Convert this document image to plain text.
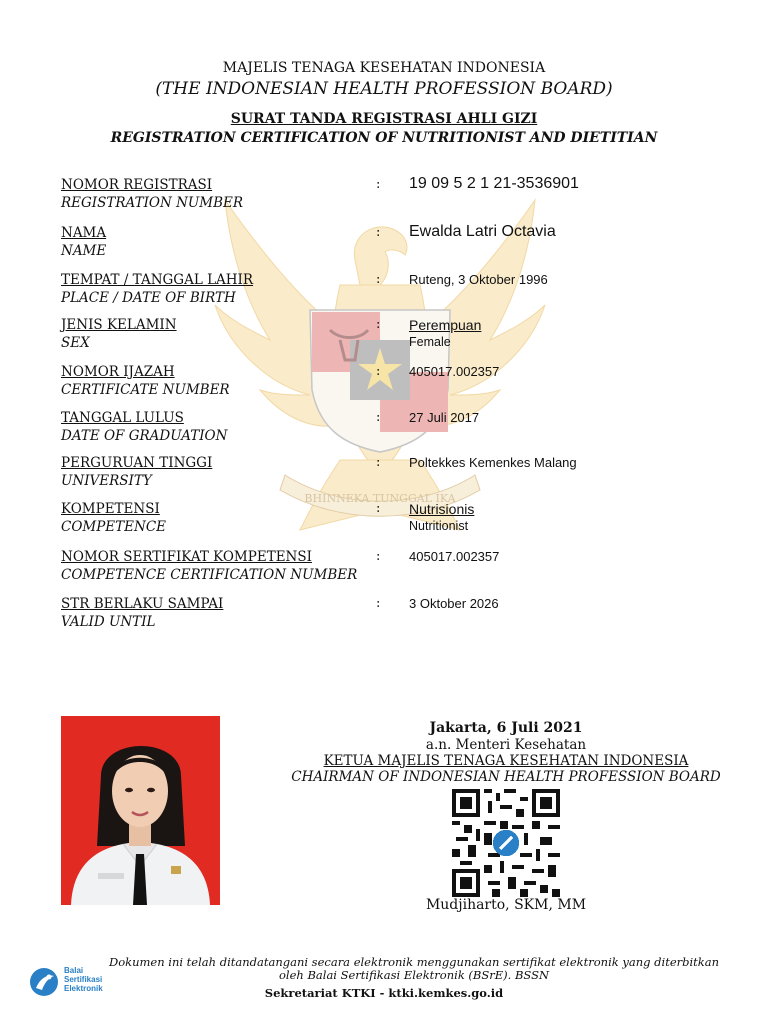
BHINNEKA TUNGGAL IKA
MAJELIS TENAGA KESEHATAN INDONESIA
(THE INDONESIAN HEALTH PROFESSION BOARD)
SURAT TANDA REGISTRASI AHLI GIZI
REGISTRATION CERTIFICATION OF NUTRITIONIST AND DIETITIAN
NOMOR REGISTRASI
REGISTRATION NUMBER
: 19 09 5 2 1 21-3536901
NAMA
NAME
: Ewalda Latri Octavia
TEMPAT / TANGGAL LAHIR
PLACE / DATE OF BIRTH
: Ruteng, 3 Oktober 1996
JENIS KELAMIN
SEX
: Perempuan
Female
NOMOR IJAZAH
CERTIFICATE NUMBER
: 405017.002357
TANGGAL LULUS
DATE OF GRADUATION
: 27 Juli 2017
PERGURUAN TINGGI
UNIVERSITY
: Poltekkes Kemenkes Malang
KOMPETENSI
COMPETENCE
: Nutrisionis
Nutritionist
NOMOR SERTIFIKAT KOMPETENSI
COMPETENCE CERTIFICATION NUMBER
: 405017.002357
STR BERLAKU SAMPAI
VALID UNTIL
: 3 Oktober 2026
Jakarta, 6 Juli 2021
a.n. Menteri Kesehatan
KETUA MAJELIS TENAGA KESEHATAN INDONESIA
CHAIRMAN OF INDONESIAN HEALTH PROFESSION BOARD
Mudjiharto, SKM, MM
Dokumen ini telah ditandatangani secara elektronik menggunakan sertifikat elektronik yang diterbitkan
oleh Balai Sertifikasi Elektronik (BSrE). BSSN
Sekretariat KTKI - ktki.kemkes.go.id
Balai
Sertifikasi
Elektronik
